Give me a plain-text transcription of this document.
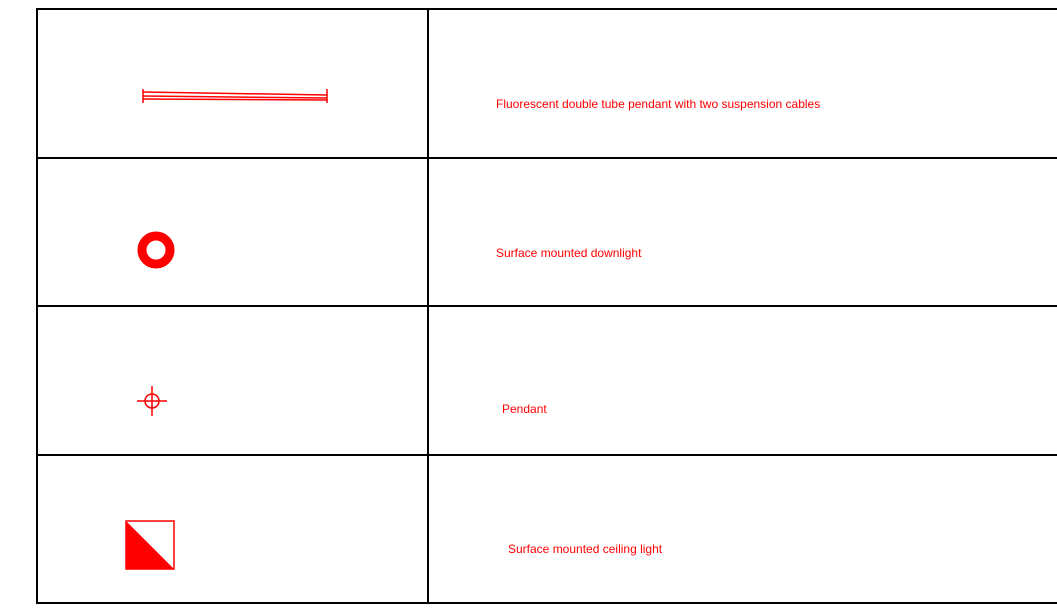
Fluorescent double tube pendant with two suspension cables
Surface mounted downlight
Pendant
Surface mounted ceiling light
